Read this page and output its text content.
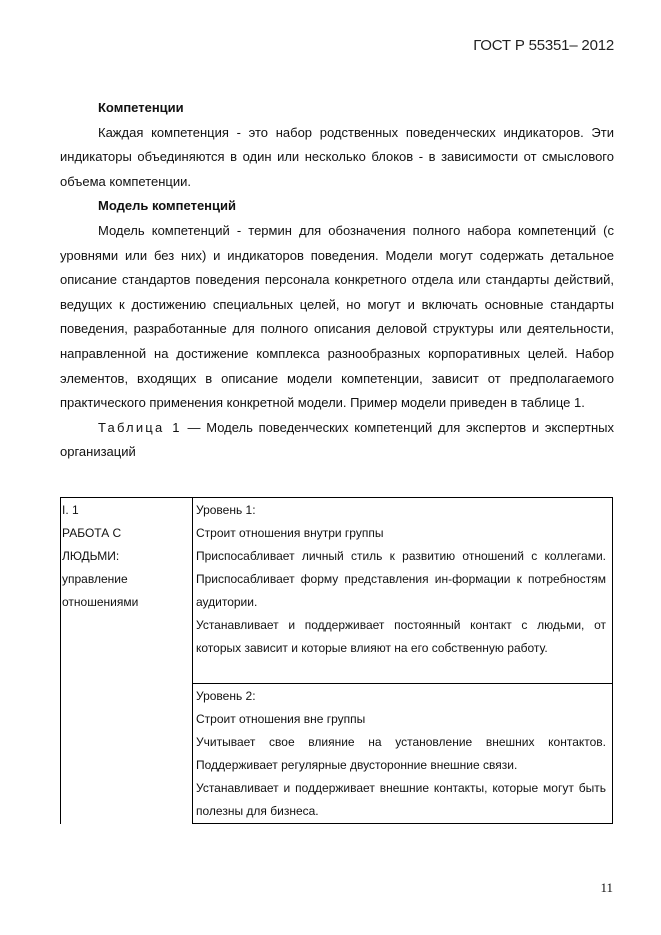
ГОСТ Р 55351– 2012
Компетенции

Каждая компетенция - это набор родственных поведенческих индикаторов. Эти индикаторы объединяются в один или несколько блоков - в зависимости от смыслового объема компетенции.

Модель компетенций

Модель компетенций - термин для обозначения полного набора компетенций (с уровнями или без них) и индикаторов поведения. Модели могут содержать детальное описание стандартов поведения персонала конкретного отдела или стандарты действий, ведущих к достижению специальных целей, но могут и включать основные стандарты поведения, разработанные для полного описания деловой структуры или деятельности, направленной на достижение комплекса разнообразных корпоративных целей. Набор элементов, входящих в описание модели компетенции, зависит от предполагаемого практического применения конкретной модели. Пример модели приведен в таблице 1.

Таблица 1 — Модель поведенческих компетенций для экспертов и экспертных организаций

I. 1
РАБОТА С
ЛЮДЬМИ:
управление
отношениями
Уровень 1:
Строит отношения внутри группы
Приспосабливает личный стиль к развитию отношений с коллегами. Приспосабливает форму представления ин-формации к потребностям аудитории.
Устанавливает и поддерживает постоянный контакт с людьми, от которых зависит и которые влияют на его собственную работу.
Уровень 2:
Строит отношения вне группы
Учитывает свое влияние на установление внешних контактов.
Поддерживает регулярные двусторонние внешние связи.
Устанавливает и поддерживает внешние контакты, которые могут быть полезны для бизнеса.
11
